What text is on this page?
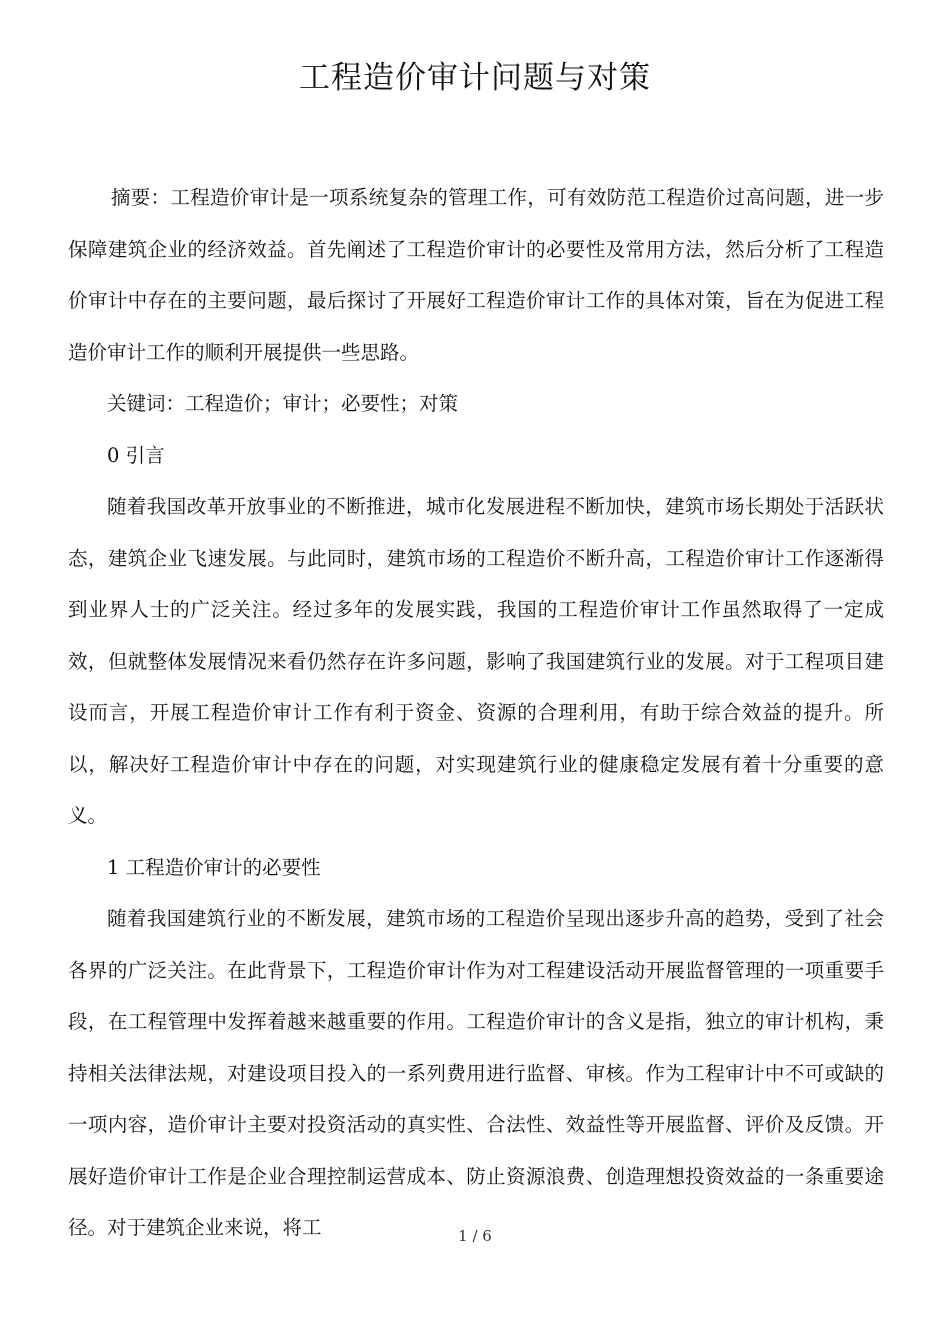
工程造价审计问题与对策

摘要：工程造价审计是一项系统复杂的管理工作，可有效防范工程造价过高问题，进一步保障建筑企业的经济效益。首先阐述了工程造价审计的必要性及常用方法，然后分析了工程造价审计中存在的主要问题，最后探讨了开展好工程造价审计工作的具体对策，旨在为促进工程造价审计工作的顺利开展提供一些思路。

关键词：工程造价；审计；必要性；对策

0 引言

随着我国改革开放事业的不断推进，城市化发展进程不断加快，建筑市场长期处于活跃状态，建筑企业飞速发展。与此同时，建筑市场的工程造价不断升高，工程造价审计工作逐渐得到业界人士的广泛关注。经过多年的发展实践，我国的工程造价审计工作虽然取得了一定成效，但就整体发展情况来看仍然存在许多问题，影响了我国建筑行业的发展。对于工程项目建设而言，开展工程造价审计工作有利于资金、资源的合理利用，有助于综合效益的提升。所以，解决好工程造价审计中存在的问题，对实现建筑行业的健康稳定发展有着十分重要的意义。

1 工程造价审计的必要性

随着我国建筑行业的不断发展，建筑市场的工程造价呈现出逐步升高的趋势，受到了社会各界的广泛关注。在此背景下，工程造价审计作为对工程建设活动开展监督管理的一项重要手段，在工程管理中发挥着越来越重要的作用。工程造价审计的含义是指，独立的审计机构，秉持相关法律法规，对建设项目投入的一系列费用进行监督、审核。作为工程审计中不可或缺的一项内容，造价审计主要对投资活动的真实性、合法性、效益性等开展监督、评价及反馈。开展好造价审计工作是企业合理控制运营成本、防止资源浪费、创造理想投资效益的一条重要途径。对于建筑企业来说，将工	1 / 6
